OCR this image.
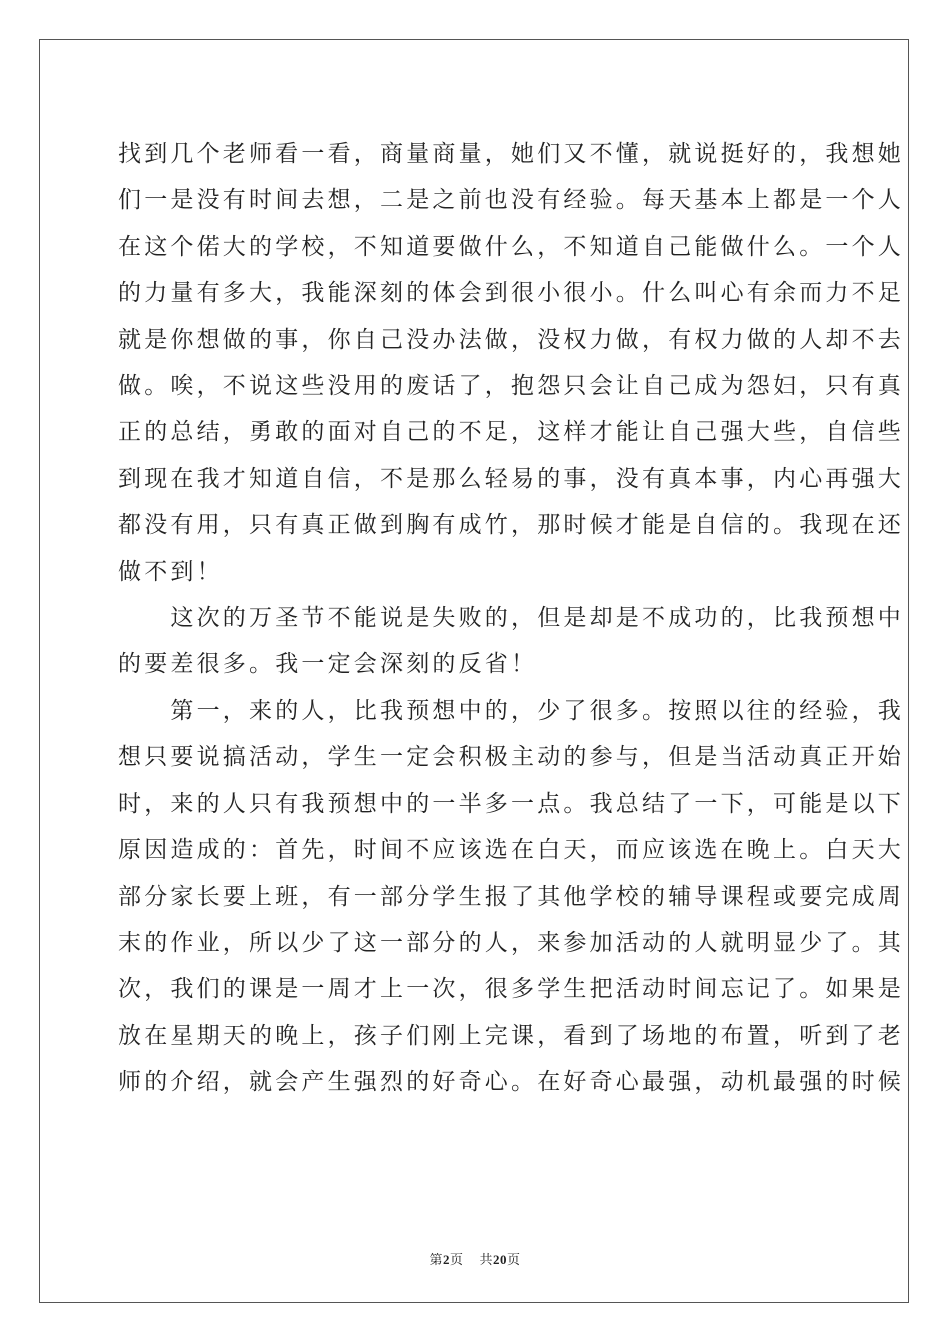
找到几个老师看一看，商量商量，她们又不懂，就说挺好的，我想她
们一是没有时间去想，二是之前也没有经验。每天基本上都是一个人
在这个偌大的学校，不知道要做什么，不知道自己能做什么。一个人
的力量有多大，我能深刻的体会到很小很小。什么叫心有余而力不足
就是你想做的事，你自己没办法做，没权力做，有权力做的人却不去
做。唉，不说这些没用的废话了，抱怨只会让自己成为怨妇，只有真
正的总结，勇敢的面对自己的不足，这样才能让自己强大些，自信些
到现在我才知道自信，不是那么轻易的事，没有真本事，内心再强大
都没有用，只有真正做到胸有成竹，那时候才能是自信的。我现在还
做不到！

　　这次的万圣节不能说是失败的，但是却是不成功的，比我预想中
的要差很多。我一定会深刻的反省！

　　第一，来的人，比我预想中的，少了很多。按照以往的经验，我
想只要说搞活动，学生一定会积极主动的参与，但是当活动真正开始
时，来的人只有我预想中的一半多一点。我总结了一下，可能是以下
原因造成的：首先，时间不应该选在白天，而应该选在晚上。白天大
部分家长要上班，有一部分学生报了其他学校的辅导课程或要完成周
末的作业，所以少了这一部分的人，来参加活动的人就明显少了。其
次，我们的课是一周才上一次，很多学生把活动时间忘记了。如果是
放在星期天的晚上，孩子们刚上完课，看到了场地的布置，听到了老
师的介绍，就会产生强烈的好奇心。在好奇心最强，动机最强的时候

第2页 共20页
